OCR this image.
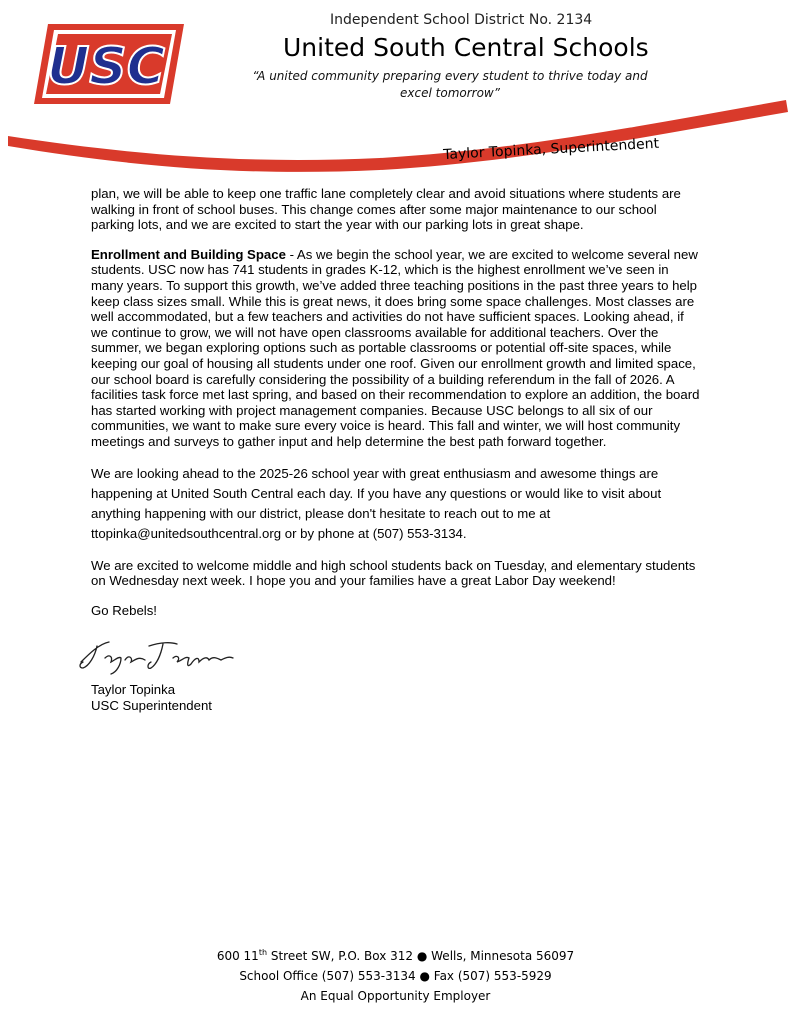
USC
Independent School District No. 2134
United South Central Schools
“A united community preparing every student to thrive today and
excel tomorrow”
Taylor Topinka, Superintendent

plan, we will be able to keep one traffic lane completely clear and avoid situations where students are walking in front of school buses. This change comes after some major maintenance to our school parking lots, and we are excited to start the year with our parking lots in great shape.

Enrollment and Building Space - As we begin the school year, we are excited to welcome several new students. USC now has 741 students in grades K-12, which is the highest enrollment we’ve seen in many years. To support this growth, we’ve added three teaching positions in the past three years to help keep class sizes small. While this is great news, it does bring some space challenges. Most classes are well accommodated, but a few teachers and activities do not have sufficient spaces. Looking ahead, if we continue to grow, we will not have open classrooms available for additional teachers. Over the summer, we began exploring options such as portable classrooms or potential off-site spaces, while keeping our goal of housing all students under one roof. Given our enrollment growth and limited space, our school board is carefully considering the possibility of a building referendum in the fall of 2026. A facilities task force met last spring, and based on their recommendation to explore an addition, the board has started working with project management companies. Because USC belongs to all six of our communities, we want to make sure every voice is heard. This fall and winter, we will host community meetings and surveys to gather input and help determine the best path forward together.

We are looking ahead to the 2025-26 school year with great enthusiasm and awesome things are happening at United South Central each day. If you have any questions or would like to visit about anything happening with our district, please don't hesitate to reach out to me at ttopinka@unitedsouthcentral.org or by phone at (507) 553-3134.

We are excited to welcome middle and high school students back on Tuesday, and elementary students on Wednesday next week. I hope you and your families have a great Labor Day weekend!

Go Rebels!

Taylor Topinka
USC Superintendent
600 11th Street SW, P.O. Box 312 ● Wells, Minnesota 56097
School Office (507) 553-3134 ● Fax (507) 553-5929
An Equal Opportunity Employer
